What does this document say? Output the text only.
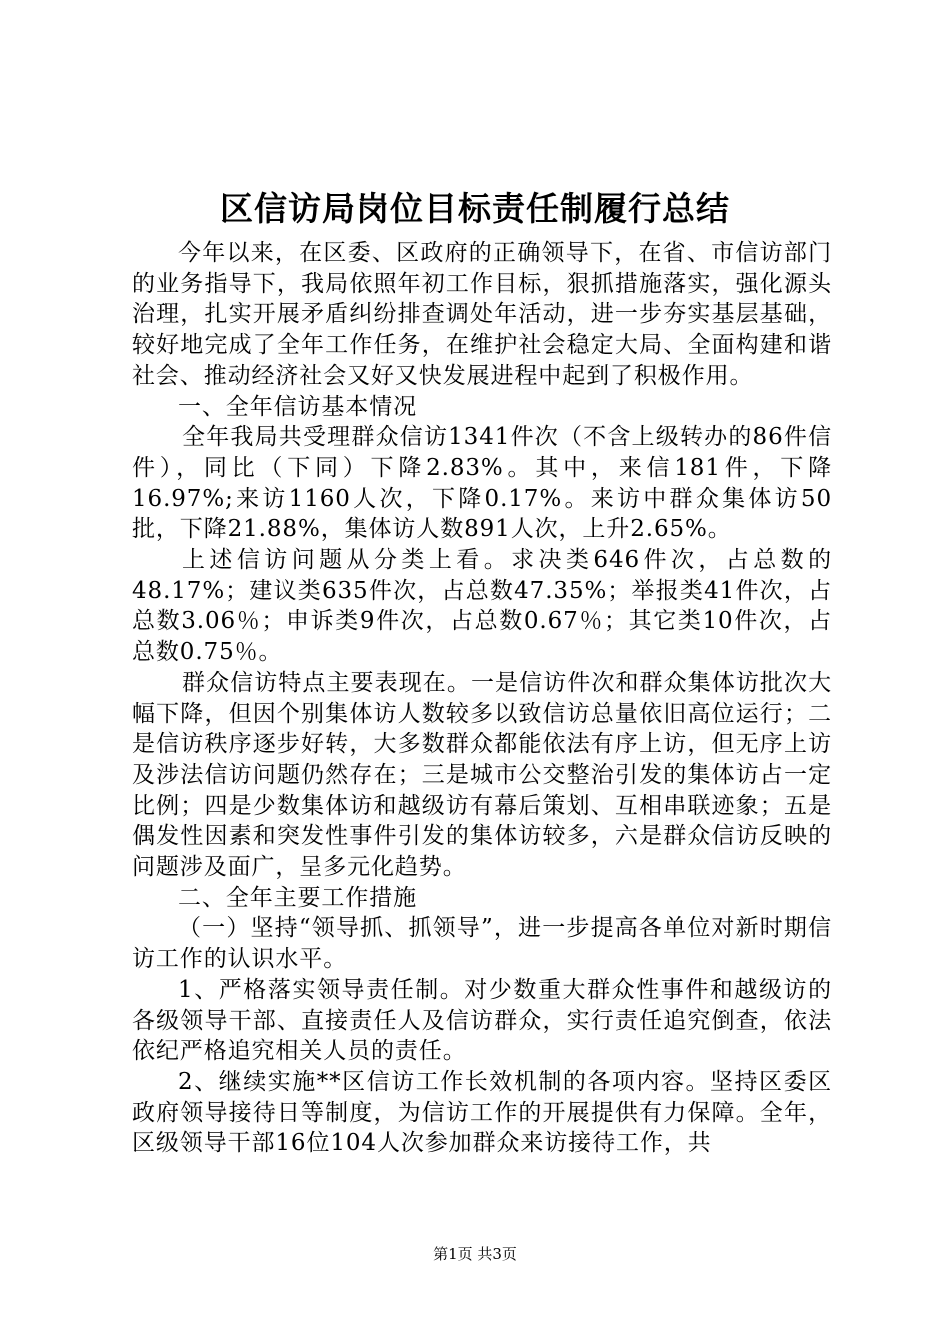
区信访局岗位目标责任制履行总结

今年以来，在区委、区政府的正确领导下，在省、市信访部门的业务指导下，我局依照年初工作目标，狠抓措施落实，强化源头治理，扎实开展矛盾纠纷排查调处年活动，进一步夯实基层基础，较好地完成了全年工作任务，在维护社会稳定大局、全面构建和谐社会、推动经济社会又好又快发展进程中起到了积极作用。

一、全年信访基本情况

全年我局共受理群众信访1341件次（不含上级转办的86件信件），同比（下同）下降2.83%。其中，来信181件，下降16.97%;来访1160人次，下降0.17%。来访中群众集体访50批，下降21.88%，集体访人数891人次，上升2.65%。

上述信访问题从分类上看。求决类646件次，占总数的48.17%；建议类635件次，占总数47.35%；举报类41件次，占总数3.06％；申诉类9件次，占总数0.67％；其它类10件次，占总数0.75％。

群众信访特点主要表现在。一是信访件次和群众集体访批次大幅下降，但因个别集体访人数较多以致信访总量依旧高位运行；二是信访秩序逐步好转，大多数群众都能依法有序上访，但无序上访及涉法信访问题仍然存在；三是城市公交整治引发的集体访占一定比例；四是少数集体访和越级访有幕后策划、互相串联迹象；五是偶发性因素和突发性事件引发的集体访较多，六是群众信访反映的问题涉及面广，呈多元化趋势。

二、全年主要工作措施

（一）坚持“领导抓、抓领导”，进一步提高各单位对新时期信访工作的认识水平。

1、严格落实领导责任制。对少数重大群众性事件和越级访的各级领导干部、直接责任人及信访群众，实行责任追究倒查，依法依纪严格追究相关人员的责任。

2、继续实施**区信访工作长效机制的各项内容。坚持区委区政府领导接待日等制度，为信访工作的开展提供有力保障。全年，区级领导干部16位104人次参加群众来访接待工作，共

第1页 共3页
